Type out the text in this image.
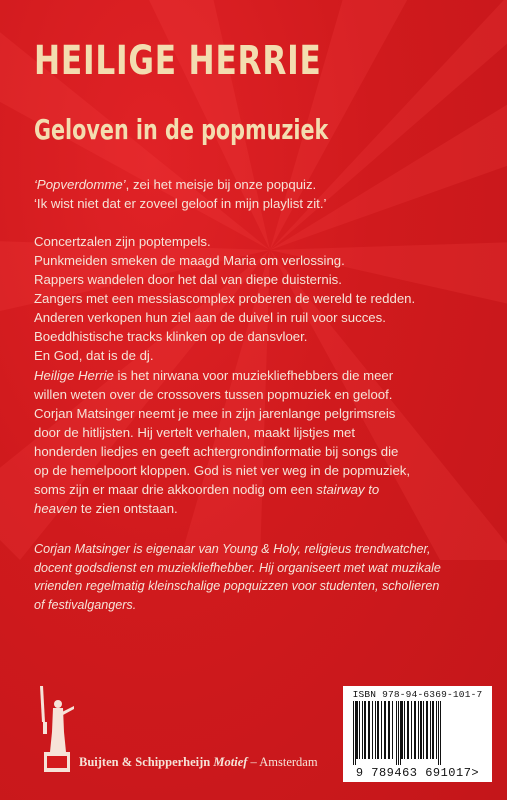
HEILIGE HERRIE
Geloven in de popmuziek

‘Popverdomme’, zei het meisje bij onze popquiz.

‘Ik wist niet dat er zoveel geloof in mijn playlist zit.’

Concertzalen zijn poptempels.

Punkmeiden smeken de maagd Maria om verlossing.

Rappers wandelen door het dal van diepe duisternis.

Zangers met een messiascomplex proberen de wereld te redden.

Anderen verkopen hun ziel aan de duivel in ruil voor succes.

Boeddhistische tracks klinken op de dansvloer.

En God, dat is de dj.

Heilige Herrie is het nirwana voor muziekliefhebbers die meer

willen weten over de crossovers tussen popmuziek en geloof.

Corjan Matsinger neemt je mee in zijn jarenlange pelgrimsreis

door de hitlijsten. Hij vertelt verhalen, maakt lijstjes met

honderden liedjes en geeft achtergrondinformatie bij songs die

op de hemelpoort kloppen. God is niet ver weg in de popmuziek,

soms zijn er maar drie akkoorden nodig om een stairway to

heaven te zien ontstaan.

Corjan Matsinger is eigenaar van Young & Holy, religieus trendwatcher,

docent godsdienst en muziekliefhebber. Hij organiseert met wat muzikale

vrienden regelmatig kleinschalige popquizzen voor studenten, scholieren

of festivalgangers.

Buijten & Schipperheijn Motief – Amsterdam
ISBN 978-94-6369-101-7
9 789463 691017>
